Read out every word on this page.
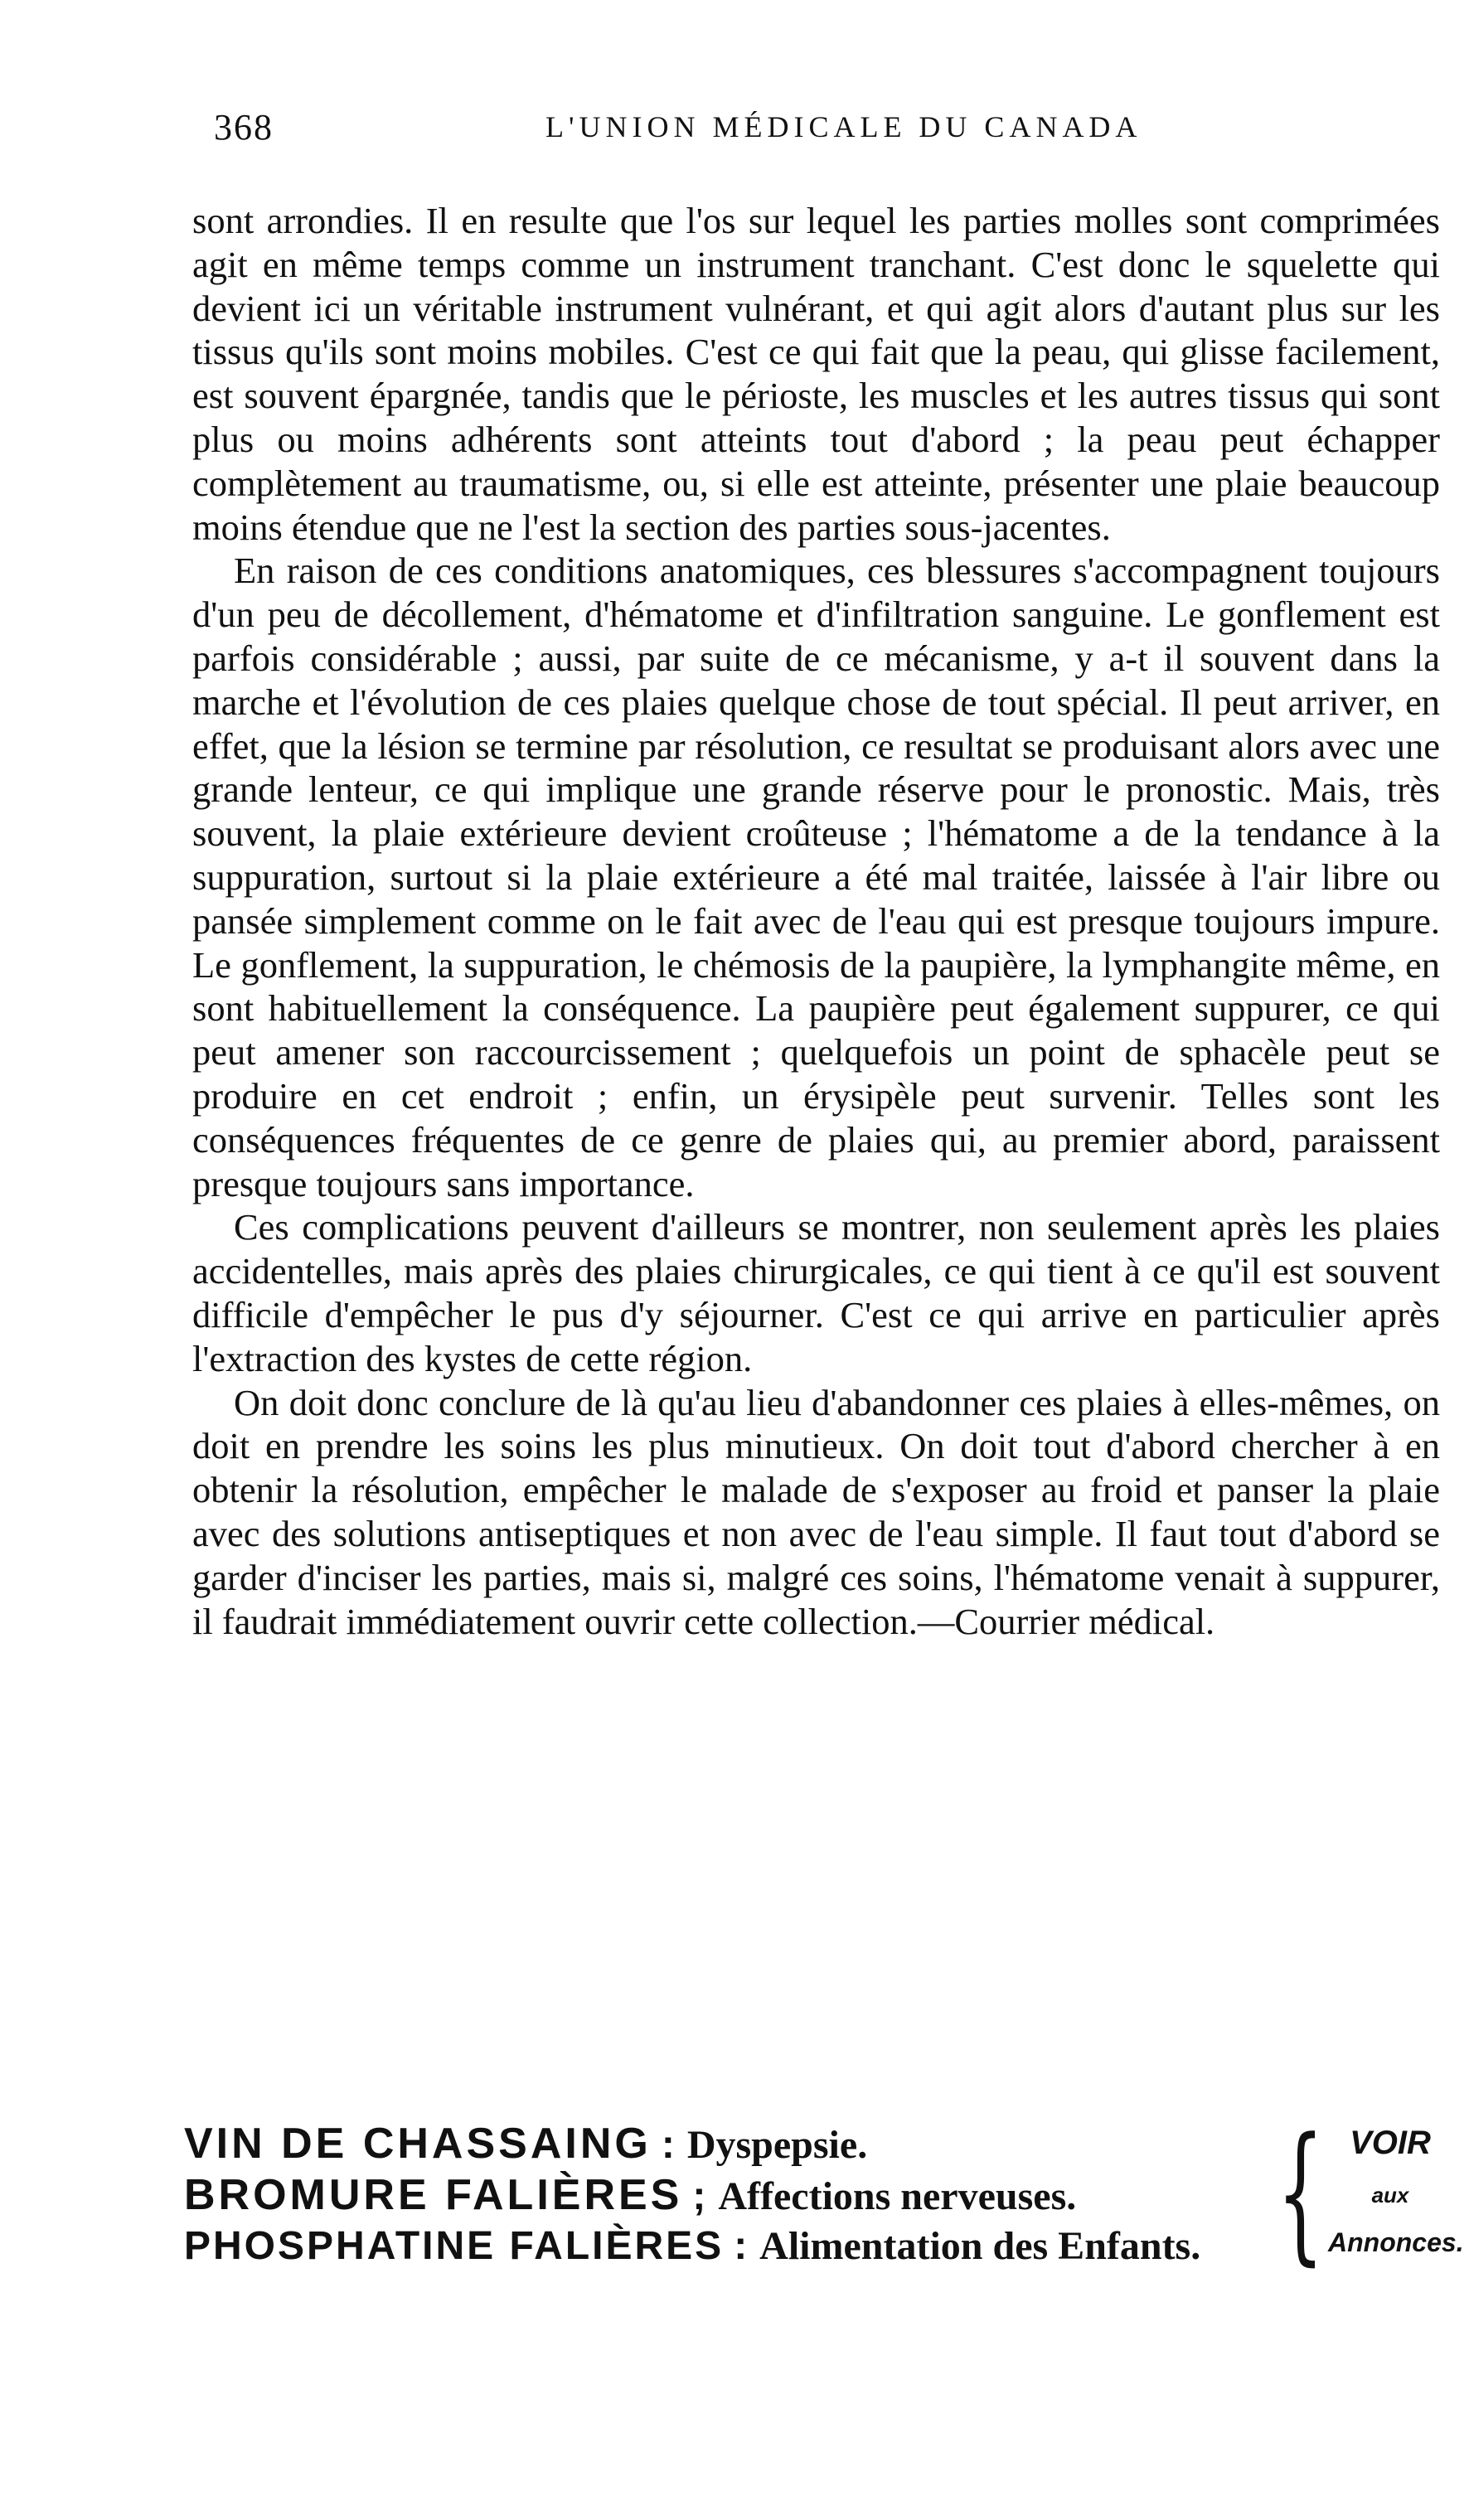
368	L'UNION MÉDICALE DU CANADA

sont arrondies. Il en resulte que l'os sur lequel les parties molles sont comprimées agit en même temps comme un instrument tranchant. C'est donc le squelette qui devient ici un véritable instrument vulnérant, et qui agit alors d'autant plus sur les tissus qu'ils sont moins mobiles. C'est ce qui fait que la peau, qui glisse facilement, est souvent épargnée, tandis que le périoste, les muscles et les autres tissus qui sont plus ou moins adhérents sont atteints tout d'abord ; la peau peut échapper complètement au traumatisme, ou, si elle est atteinte, présenter une plaie beaucoup moins étendue que ne l'est la section des parties sous-jacentes.

En raison de ces conditions anatomiques, ces blessures s'accompagnent toujours d'un peu de décollement, d'hématome et d'infiltration sanguine. Le gonflement est parfois considérable ; aussi, par suite de ce mécanisme, y a-t il souvent dans la marche et l'évolution de ces plaies quelque chose de tout spécial. Il peut arriver, en effet, que la lésion se termine par résolution, ce resultat se produisant alors avec une grande lenteur, ce qui implique une grande réserve pour le pronostic. Mais, très souvent, la plaie extérieure devient croûteuse ; l'hématome a de la tendance à la suppuration, surtout si la plaie extérieure a été mal traitée, laissée à l'air libre ou pansée simplement comme on le fait avec de l'eau qui est presque toujours impure. Le gonflement, la suppuration, le chémosis de la paupière, la lymphangite même, en sont habituellement la conséquence. La paupière peut également suppurer, ce qui peut amener son raccourcissement ; quelquefois un point de sphacèle peut se produire en cet endroit ; enfin, un érysipèle peut survenir. Telles sont les conséquences fréquentes de ce genre de plaies qui, au premier abord, paraissent presque toujours sans importance.

Ces complications peuvent d'ailleurs se montrer, non seulement après les plaies accidentelles, mais après des plaies chirurgicales, ce qui tient à ce qu'il est souvent difficile d'empêcher le pus d'y séjourner. C'est ce qui arrive en particulier après l'extraction des kystes de cette région.

On doit donc conclure de là qu'au lieu d'abandonner ces plaies à elles-mêmes, on doit en prendre les soins les plus minutieux. On doit tout d'abord chercher à en obtenir la résolution, empêcher le malade de s'exposer au froid et panser la plaie avec des solutions antiseptiques et non avec de l'eau simple. Il faut tout d'abord se garder d'inciser les parties, mais si, malgré ces soins, l'hématome venait à suppurer, il faudrait immédiatement ouvrir cette collection.—Courrier médical.

VIN DE CHASSAING : Dyspepsie.
BROMURE FALIÈRES ; Affections nerveuses.
PHOSPHATINE FALIÈRES : Alimentation des Enfants. { VOIR
aux
Annonces.
